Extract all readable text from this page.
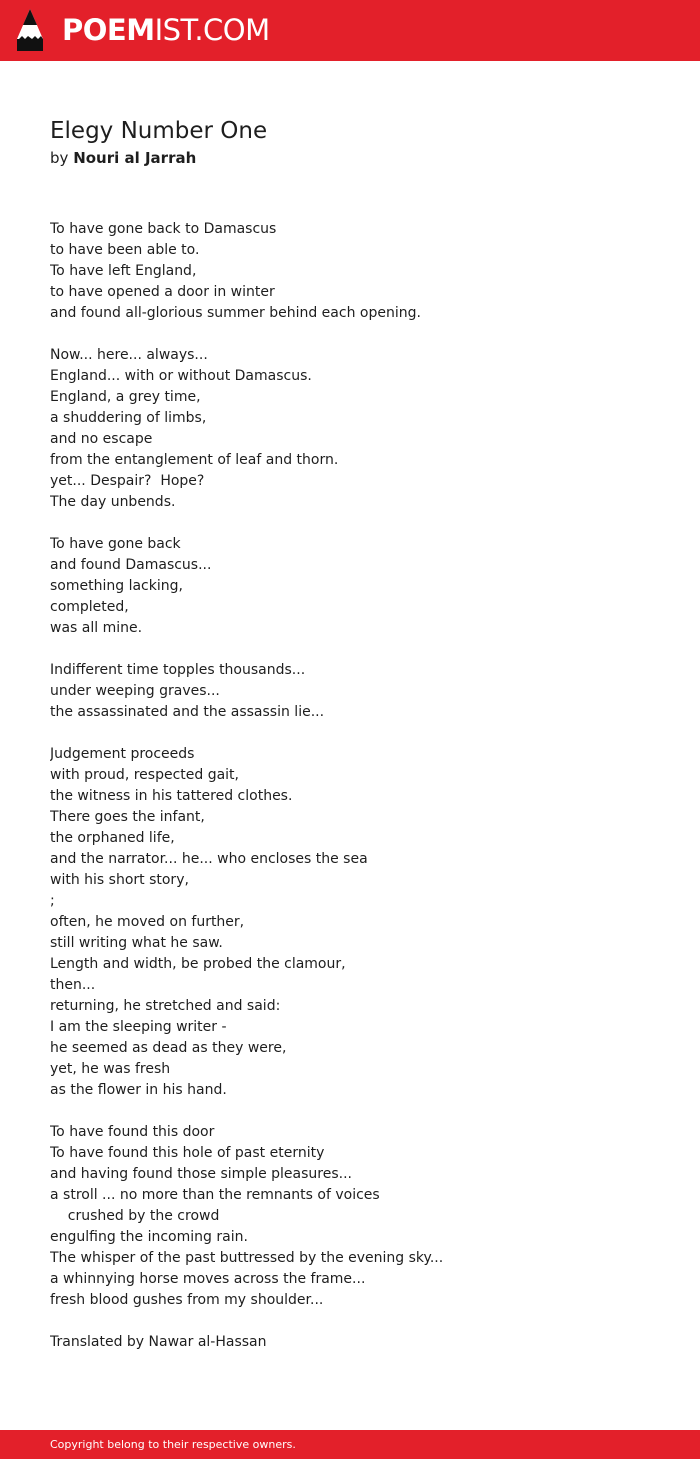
POEMIST.COM
Elegy Number One
by Nouri al Jarrah
To have gone back to Damascus
to have been able to.
To have left England,
to have opened a door in winter
and found all-glorious summer behind each opening.
Now... here... always...
England... with or without Damascus.
England, a grey time,
a shuddering of limbs,
and no escape
from the entanglement of leaf and thorn.
yet... Despair?  Hope?
The day unbends.
To have gone back
and found Damascus...
something lacking,
completed,
was all mine.
Indifferent time topples thousands...
under weeping graves...
the assassinated and the assassin lie...
Judgement proceeds
with proud, respected gait,
the witness in his tattered clothes.
There goes the infant,
the orphaned life,
and the narrator... he... who encloses the sea
with his short story,
;
often, he moved on further,
still writing what he saw.
Length and width, be probed the clamour,
then...
returning, he stretched and said:
I am the sleeping writer -
he seemed as dead as they were,
yet, he was fresh
as the flower in his hand.
To have found this door
To have found this hole of past eternity
and having found those simple pleasures...
a stroll ... no more than the remnants of voices
crushed by the crowd
engulfing the incoming rain.
The whisper of the past buttressed by the evening sky...
a whinnying horse moves across the frame...
fresh blood gushes from my shoulder...
Translated by Nawar al-Hassan
Copyright belong to their respective owners.
